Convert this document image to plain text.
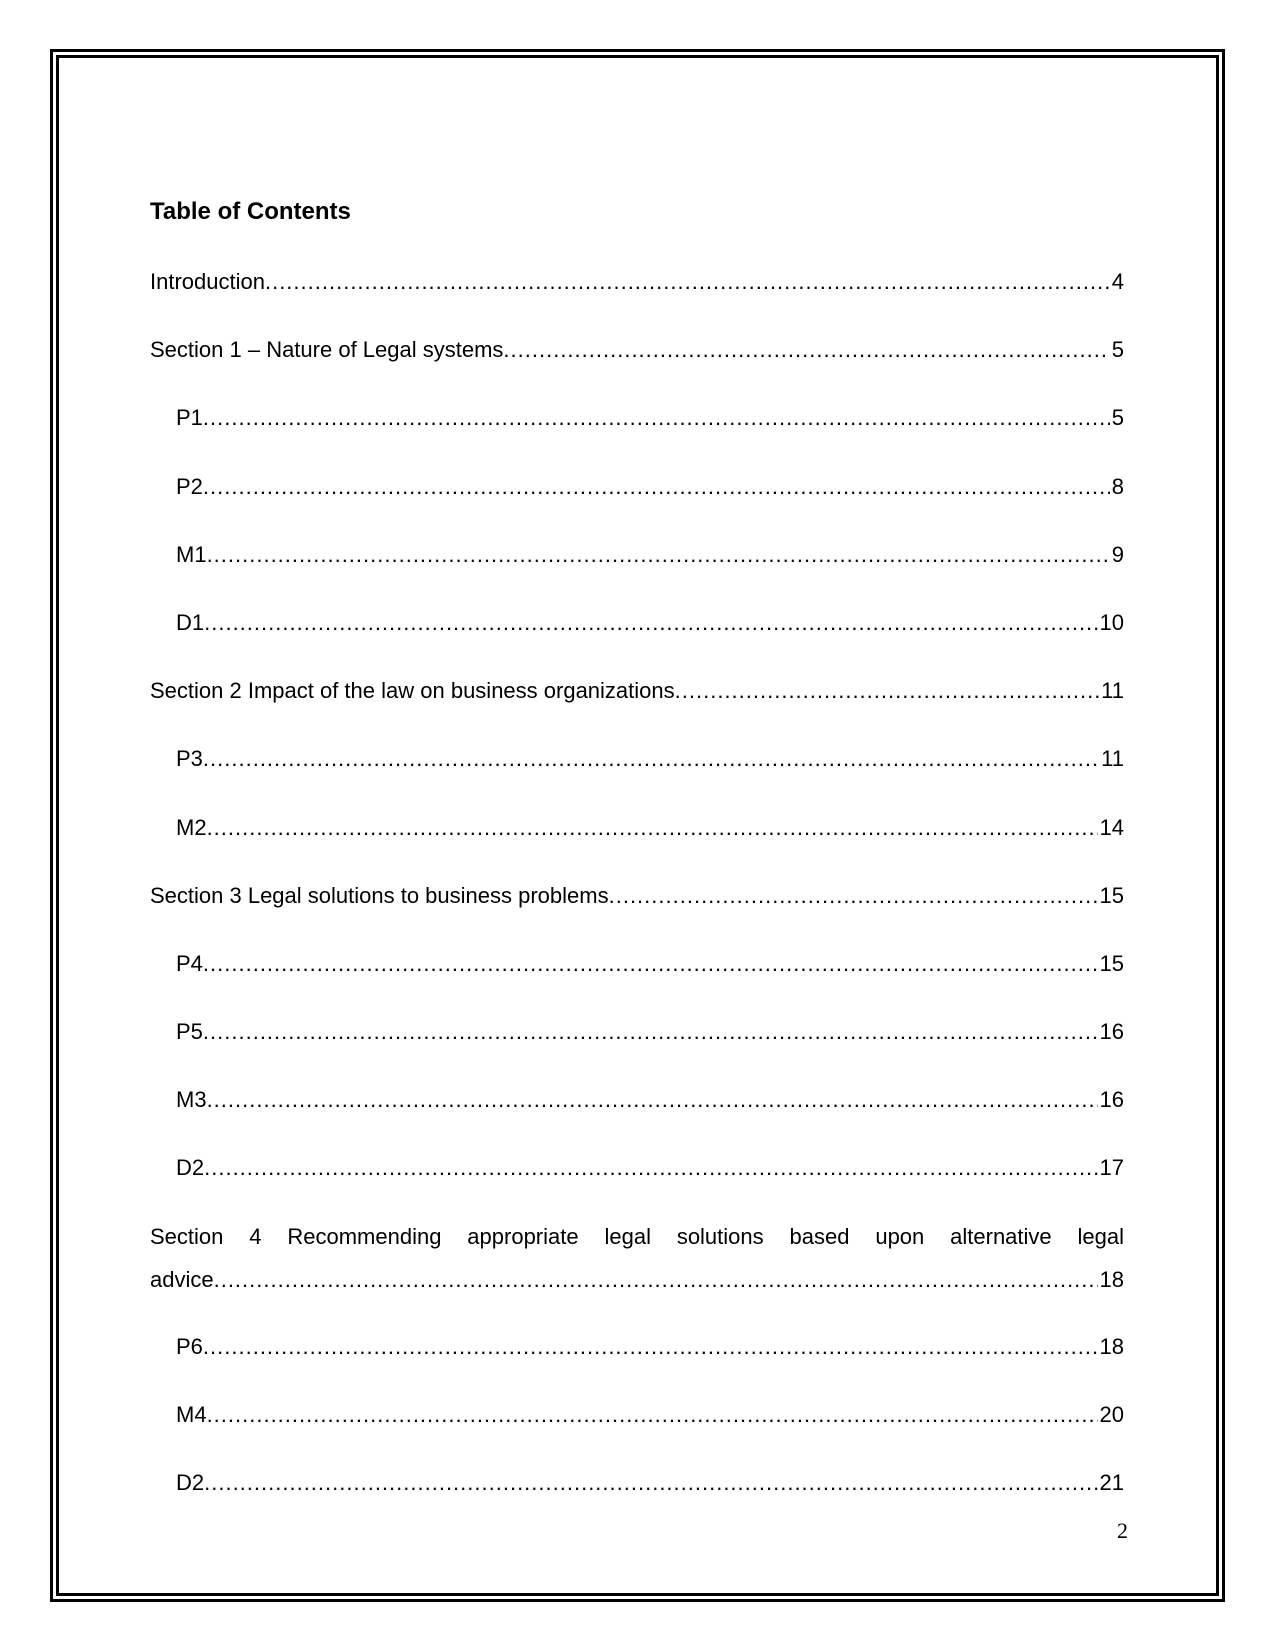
Table of Contents
Introduction .....	4
Section 1 – Nature of Legal systems .....	5
P1 .....	5
P2 .....	8
M1 .....	9
D1 .....	10
Section 2 Impact of the law on business organizations .....	11
P3 .....	11
M2 .....	14
Section 3 Legal solutions to business problems .....	15
P4 .....	15
P5 .....	16
M3 .....	16
D2 .....	17
Section 4 Recommending appropriate legal solutions based upon alternative legal
advice .....	18
P6 .....	18
M4 .....	20
D2 .....	21
2
